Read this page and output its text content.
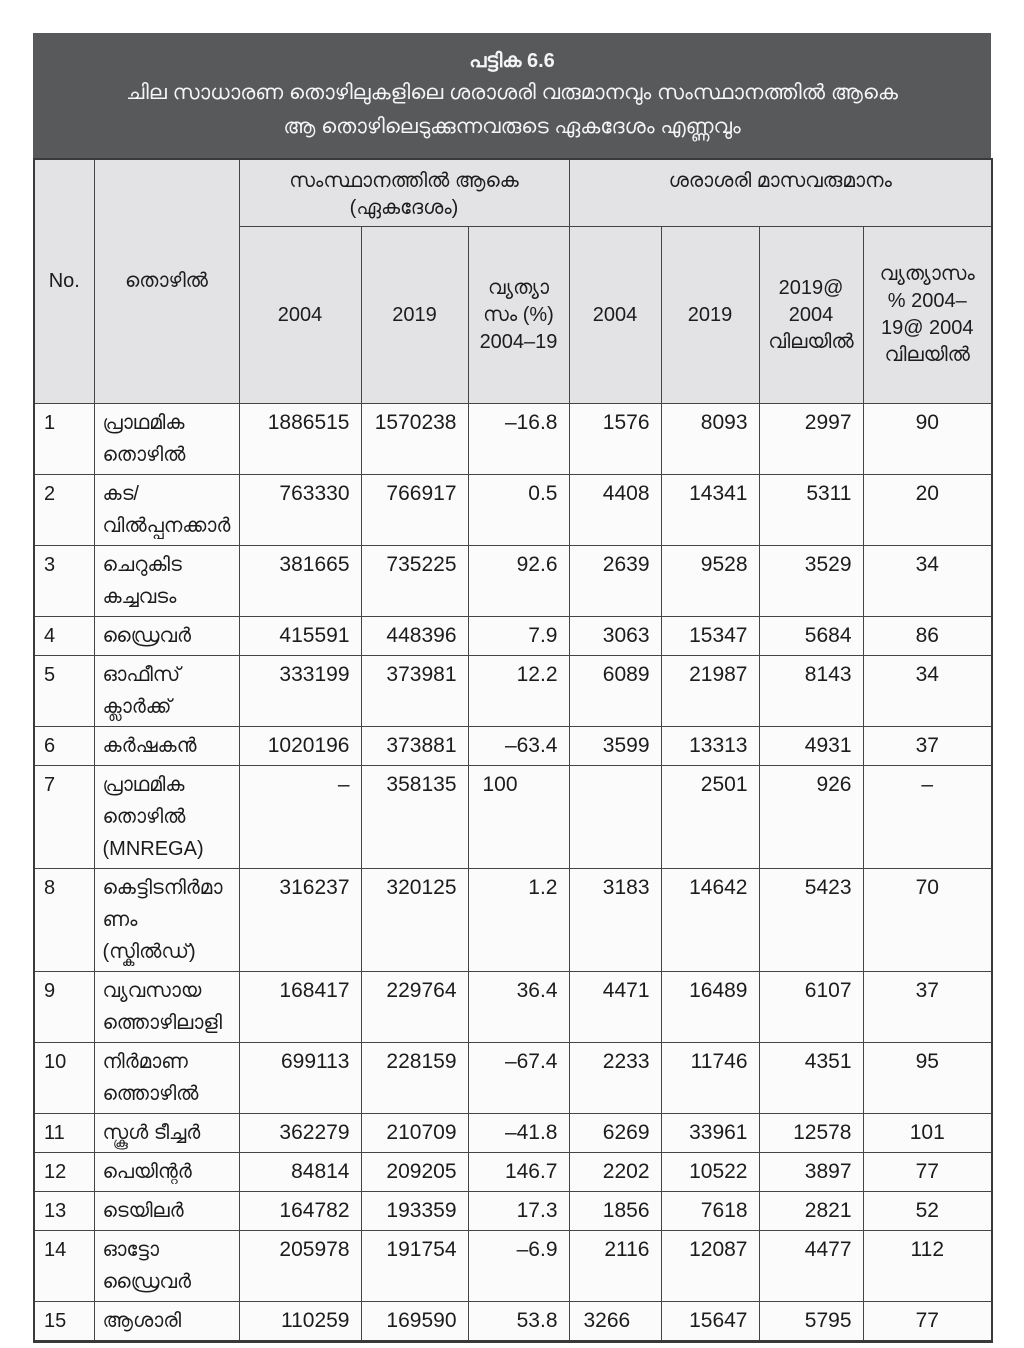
പട്ടിക 6.6
ചില സാധാരണ തൊഴിലുകളിലെ ശരാശരി വരുമാനവും സംസ്ഥാനത്തിൽ ആകെ
ആ തൊഴിലെടുക്കുന്നവരുടെ ഏകദേശം എണ്ണവും
No.	തൊഴിൽ	സംസ്ഥാനത്തിൽ ആകെ (ഏകദേശം)			ശരാശരി മാസവരുമാനം			
		2004	2019	വ്യത്യാസം (%) 2004–19	2004	2019	2019@ 2004 വിലയിൽ	വ്യത്യാസം % 2004–19@ 2004 വിലയിൽ
1	പ്രാഥമിക തൊഴിൽ	1886515	1570238	–16.8	1576	8093	2997	90
2	കട/വിൽപ്പനക്കാർ	763330	766917	0.5	4408	14341	5311	20
3	ചെറുകിട കച്ചവടം	381665	735225	92.6	2639	9528	3529	34
4	ഡ്രൈവർ	415591	448396	7.9	3063	15347	5684	86
5	ഓഫീസ് ക്ലാർക്ക്	333199	373981	12.2	6089	21987	8143	34
6	കർഷകൻ	1020196	373881	–63.4	3599	13313	4931	37
7	പ്രാഥമിക തൊഴിൽ (MNREGA)	–	358135	100		2501	926	–
8	കെട്ടിടനിർമാണം (സ്കിൽഡ്)	316237	320125	1.2	3183	14642	5423	70
9	വ്യവസായത്തൊഴിലാളി	168417	229764	36.4	4471	16489	6107	37
10	നിർമാണത്തൊഴിൽ	699113	228159	–67.4	2233	11746	4351	95
11	സ്കൂൾ ടീച്ചർ	362279	210709	–41.8	6269	33961	12578	101
12	പെയിന്റർ	84814	209205	146.7	2202	10522	3897	77
13	ടെയിലർ	164782	193359	17.3	1856	7618	2821	52
14	ഓട്ടോ ഡ്രൈവർ	205978	191754	–6.9	2116	12087	4477	112
15	ആശാരി	110259	169590	53.8	3266	15647	5795	77
